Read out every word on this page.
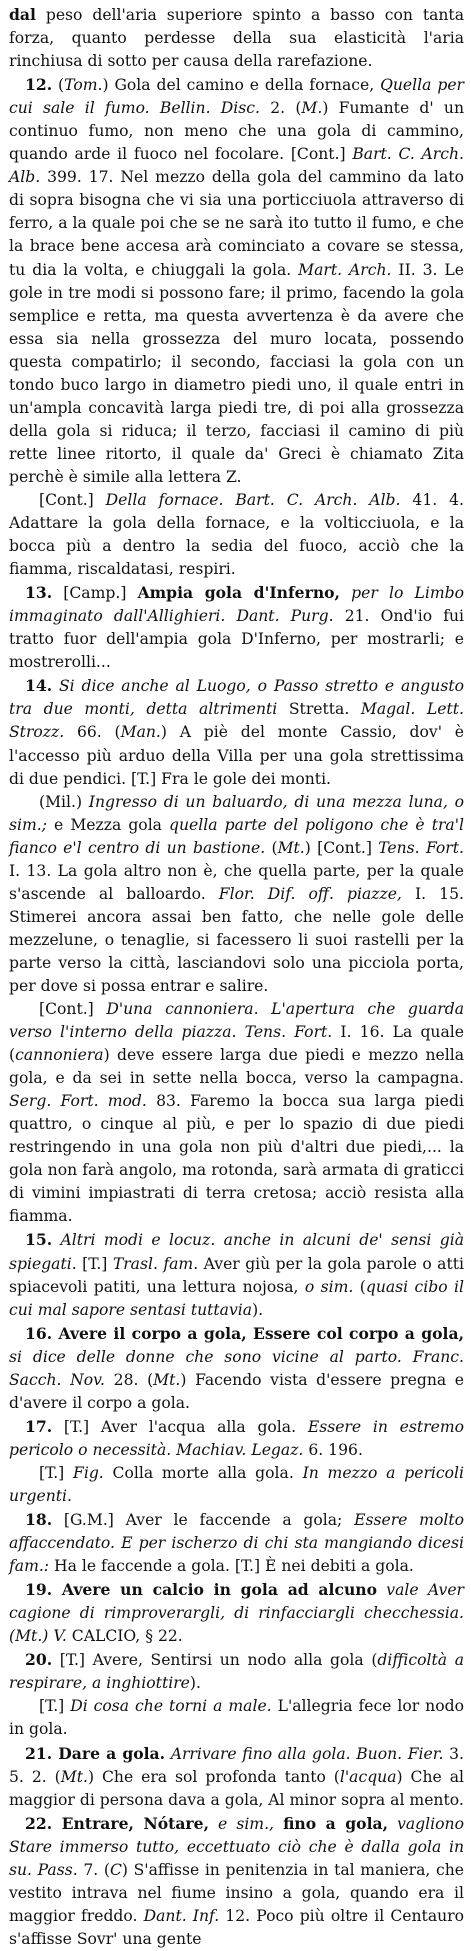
dal peso dell'aria superiore spinto a basso con tanta forza, quanto perdesse della sua elasticità l'aria rinchiusa di sotto per causa della rarefazione.

12. (Tom.) Gola del camino e della fornace, Quella per cui sale il fumo. Bellin. Disc. 2. (M.) Fumante d' un continuo fumo, non meno che una gola di cammino, quando arde il fuoco nel focolare. [Cont.] Bart. C. Arch. Alb. 399. 17. Nel mezzo della gola del cammino da lato di sopra bisogna che vi sia una porticciuola attraverso di ferro, a la quale poi che se ne sarà ito tutto il fumo, e che la brace bene accesa arà cominciato a covare se stessa, tu dia la volta, e chiuggali la gola. Mart. Arch. II. 3. Le gole in tre modi si possono fare; il primo, facendo la gola semplice e retta, ma questa avvertenza è da avere che essa sia nella grossezza del muro locata, possendo questa compatirlo; il secondo, facciasi la gola con un tondo buco largo in diametro piedi uno, il quale entri in un'ampla concavità larga piedi tre, di poi alla grossezza della gola si riduca; il terzo, facciasi il camino di più rette linee ritorto, il quale da' Greci è chiamato Zita perchè è simile alla lettera Z.

[Cont.] Della fornace. Bart. C. Arch. Alb. 41. 4. Adattare la gola della fornace, e la volticciuola, e la bocca più a dentro la sedia del fuoco, acciò che la fiamma, riscaldatasi, respiri.

13. [Camp.] Ampia gola d'Inferno, per lo Limbo immaginato dall'Allighieri. Dant. Purg. 21. Ond'io fui tratto fuor dell'ampia gola D'Inferno, per mostrarli; e mostrerolli...

14. Si dice anche al Luogo, o Passo stretto e angusto tra due monti, detta altrimenti Stretta. Magal. Lett. Strozz. 66. (Man.) A piè del monte Cassio, dov' è l'accesso più arduo della Villa per una gola strettissima di due pendici. [T.] Fra le gole dei monti.

(Mil.) Ingresso di un baluardo, di una mezza luna, o sim.; e Mezza gola quella parte del poligono che è tra'l fianco e'l centro di un bastione. (Mt.) [Cont.] Tens. Fort. I. 13. La gola altro non è, che quella parte, per la quale s'ascende al balloardo. Flor. Dif. off. piazze, I. 15. Stimerei ancora assai ben fatto, che nelle gole delle mezzelune, o tenaglie, si facessero li suoi rastelli per la parte verso la città, lasciandovi solo una picciola porta, per dove si possa entrar e salire.

[Cont.] D'una cannoniera. L'apertura che guarda verso l'interno della piazza. Tens. Fort. I. 16. La quale (cannoniera) deve essere larga due piedi e mezzo nella gola, e da sei in sette nella bocca, verso la campagna. Serg. Fort. mod. 83. Faremo la bocca sua larga piedi quattro, o cinque al più, e per lo spazio di due piedi restringendo in una gola non più d'altri due piedi,... la gola non farà angolo, ma rotonda, sarà armata di graticci di vimini impiastrati di terra cretosa; acciò resista alla fiamma.

15. Altri modi e locuz. anche in alcuni de' sensi già spiegati. [T.] Trasl. fam. Aver giù per la gola parole o atti spiacevoli patiti, una lettura nojosa, o sim. (quasi cibo il cui mal sapore sentasi tuttavia).

16. Avere il corpo a gola, Essere col corpo a gola, si dice delle donne che sono vicine al parto. Franc. Sacch. Nov. 28. (Mt.) Facendo vista d'essere pregna e d'avere il corpo a gola.

17. [T.] Aver l'acqua alla gola. Essere in estremo pericolo o necessità. Machiav. Legaz. 6. 196.

[T.] Fig. Colla morte alla gola. In mezzo a pericoli urgenti.

18. [G.M.] Aver le faccende a gola; Essere molto affaccendato. E per ischerzo di chi sta mangiando dicesi fam.: Ha le faccende a gola. [T.] È nei debiti a gola.

19. Avere un calcio in gola ad alcuno vale Aver cagione di rimproverargli, di rinfacciargli checchessia. (Mt.) V. CALCIO, § 22.

20. [T.] Avere, Sentirsi un nodo alla gola (difficoltà a respirare, a inghiottire).

[T.] Di cosa che torni a male. L'allegria fece lor nodo in gola.

21. Dare a gola. Arrivare fino alla gola. Buon. Fier. 3. 5. 2. (Mt.) Che era sol profonda tanto (l'acqua) Che al maggior di persona dava a gola, Al minor sopra al mento.

22. Entrare, Nótare, e sim., fino a gola, vagliono Stare immerso tutto, eccettuato ciò che è dalla gola in su. Pass. 7. (C) S'affisse in penitenzia in tal maniera, che vestito intrava nel fiume insino a gola, quando era il maggior freddo. Dant. Inf. 12. Poco più oltre il Centauro s'affisse Sovr' una gente
